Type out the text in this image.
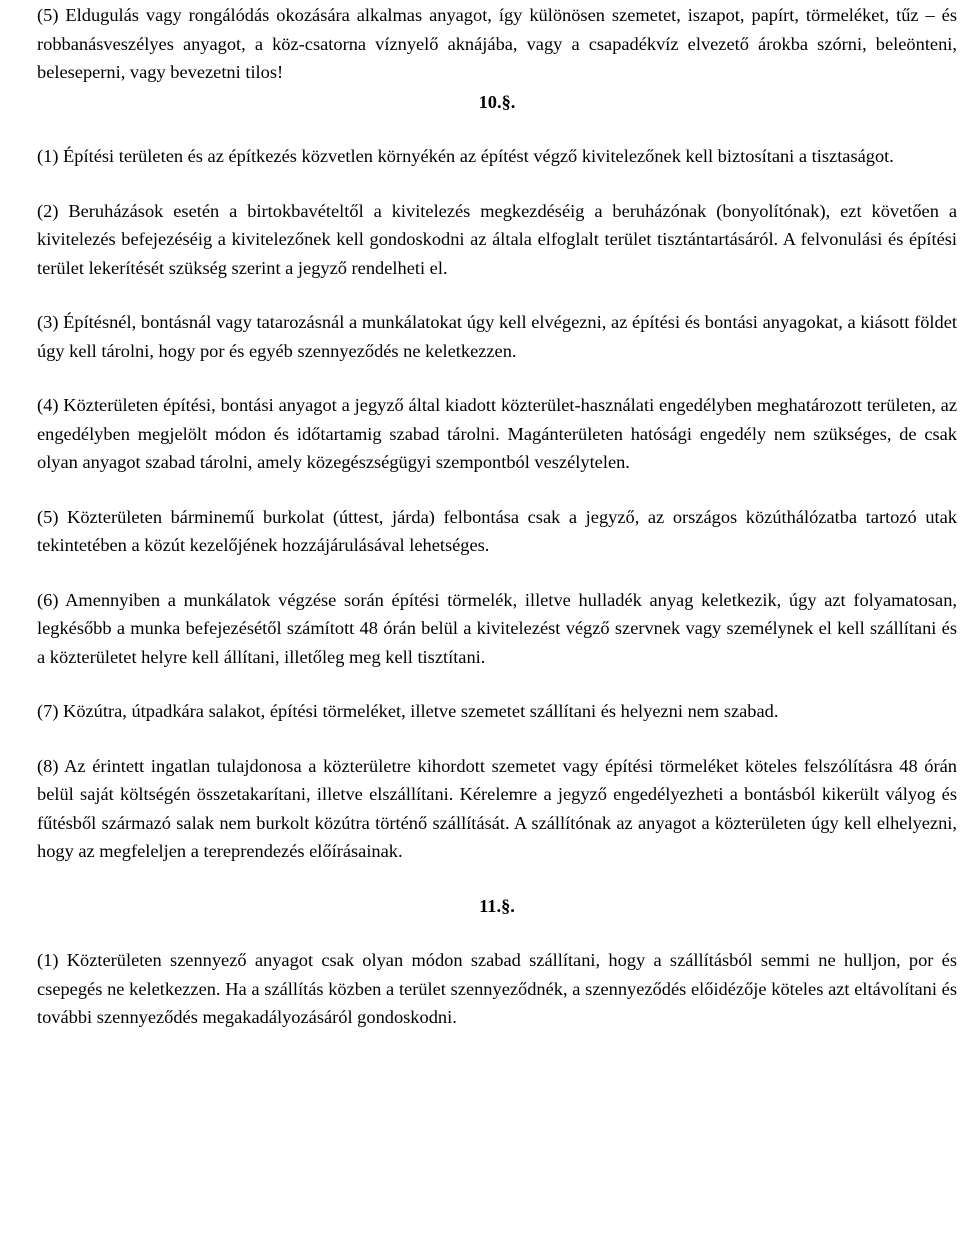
(5) Eldugulás vagy rongálódás okozására alkalmas anyagot, így különösen szemetet, iszapot, papírt, törmeléket, tűz – és robbanásveszélyes anyagot, a köz-csatorna víznyelő aknájába, vagy a csapadékvíz elvezető árokba szórni, beleönteni, beleseperni, vagy bevezetni tilos!

10.§.

(1) Építési területen és az építkezés közvetlen környékén az építést végző kivitelezőnek kell biztosítani a tisztaságot.

(2) Beruházások esetén a birtokbavételtől a kivitelezés megkezdéséig a beruházónak (bonyolítónak), ezt követően a kivitelezés befejezéséig a kivitelezőnek kell gondoskodni az általa elfoglalt terület tisztántartásáról. A felvonulási és építési terület lekerítését szükség szerint a jegyző rendelheti el.

(3) Építésnél, bontásnál vagy tatarozásnál a munkálatokat úgy kell elvégezni, az építési és bontási anyagokat, a kiásott földet úgy kell tárolni, hogy por és egyéb szennyeződés ne keletkezzen.

(4) Közterületen építési, bontási anyagot a jegyző által kiadott közterület-használati engedélyben meghatározott területen, az engedélyben megjelölt módon és időtartamig szabad tárolni. Magánterületen hatósági engedély nem szükséges, de csak olyan anyagot szabad tárolni, amely közegészségügyi szempontból veszélytelen.

(5) Közterületen bárminemű burkolat (úttest, járda) felbontása csak a jegyző, az országos közúthálózatba tartozó utak tekintetében a közút kezelőjének hozzájárulásával lehetséges.

(6) Amennyiben a munkálatok végzése során építési törmelék, illetve hulladék anyag keletkezik, úgy azt folyamatosan, legkésőbb a munka befejezésétől számított 48 órán belül a kivitelezést végző szervnek vagy személynek el kell szállítani és a közterületet helyre kell állítani, illetőleg meg kell tisztítani.

(7) Közútra, útpadkára salakot, építési törmeléket, illetve szemetet szállítani és helyezni nem szabad.

(8) Az érintett ingatlan tulajdonosa a közterületre kihordott szemetet vagy építési törmeléket köteles felszólításra 48 órán belül saját költségén összetakarítani, illetve elszállítani. Kérelemre a jegyző engedélyezheti a bontásból kikerült vályog és fűtésből származó salak nem burkolt közútra történő szállítását. A szállítónak az anyagot a közterületen úgy kell elhelyezni, hogy az megfeleljen a tereprendezés előírásainak.

11.§.

(1) Közterületen szennyező anyagot csak olyan módon szabad szállítani, hogy a szállításból semmi ne hulljon, por és csepegés ne keletkezzen. Ha a szállítás közben a terület szennyeződnék, a szennyeződés előidézője köteles azt eltávolítani és további szennyeződés megakadályozásáról gondoskodni.
